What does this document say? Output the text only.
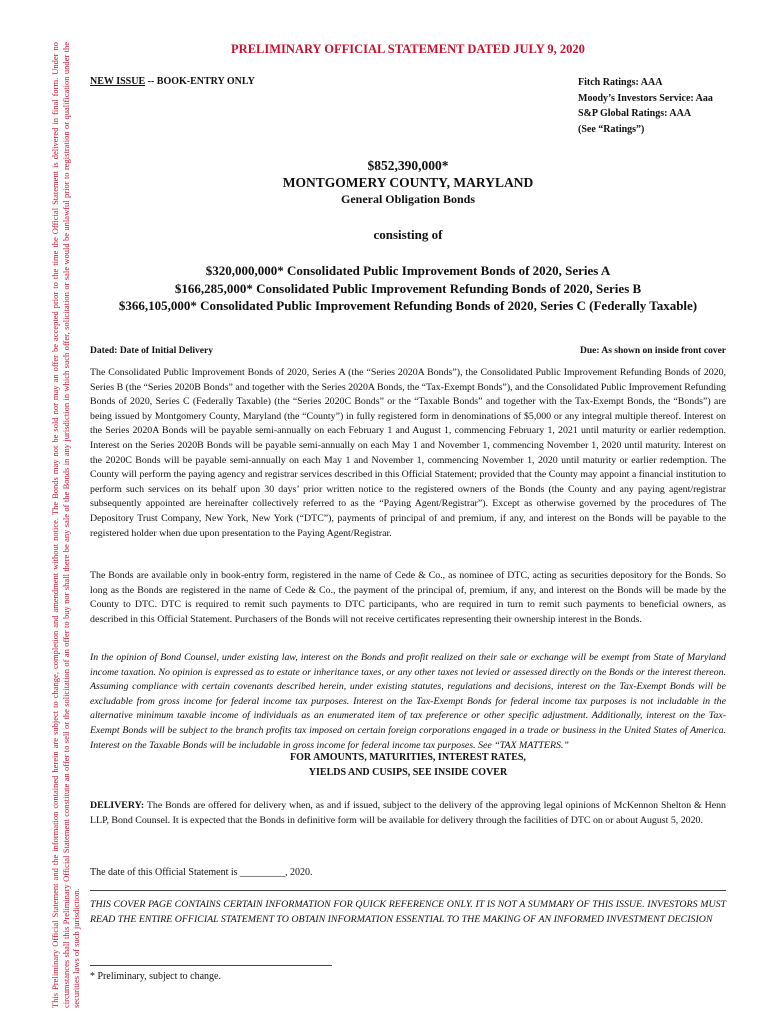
This Preliminary Official Statement and the information contained herein are subject to change, completion and amendment without notice. The Bonds may not be sold nor may an offer be accepted prior to the time the Official Statement is delivered in final form. Under no circumstances shall this Preliminary Official Statement constitute an offer to sell or the solicitation of an offer to buy nor shall there be any sale of the Bonds in any jurisdiction in which such offer, solicitation or sale would be unlawful prior to registration or qualification under the securities laws of such jurisdiction.
PRELIMINARY OFFICIAL STATEMENT DATED JULY 9, 2020
NEW ISSUE -- BOOK-ENTRY ONLY	Fitch Ratings: AAA
Moody’s Investors Service: Aaa
S&P Global Ratings: AAA
(See “Ratings”)
$852,390,000*
MONTGOMERY COUNTY, MARYLAND
General Obligation Bonds
consisting of
$320,000,000* Consolidated Public Improvement Bonds of 2020, Series A
$166,285,000* Consolidated Public Improvement Refunding Bonds of 2020, Series B
$366,105,000* Consolidated Public Improvement Refunding Bonds of 2020, Series C (Federally Taxable)
Dated: Date of Initial Delivery	Due: As shown on inside front cover

The Consolidated Public Improvement Bonds of 2020, Series A (the “Series 2020A Bonds”), the Consolidated Public Improvement Refunding Bonds of 2020, Series B (the “Series 2020B Bonds” and together with the Series 2020A Bonds, the “Tax-Exempt Bonds”), and the Consolidated Public Improvement Refunding Bonds of 2020, Series C (Federally Taxable) (the “Series 2020C Bonds” or the “Taxable Bonds” and together with the Tax-Exempt Bonds, the “Bonds”) are being issued by Montgomery County, Maryland (the “County”) in fully registered form in denominations of $5,000 or any integral multiple thereof. Interest on the Series 2020A Bonds will be payable semi-annually on each February 1 and August 1, commencing February 1, 2021 until maturity or earlier redemption. Interest on the Series 2020B Bonds will be payable semi-annually on each May 1 and November 1, commencing November 1, 2020 until maturity. Interest on the 2020C Bonds will be payable semi-annually on each May 1 and November 1, commencing November 1, 2020 until maturity or earlier redemption. The County will perform the paying agency and registrar services described in this Official Statement; provided that the County may appoint a financial institution to perform such services on its behalf upon 30 days’ prior written notice to the registered owners of the Bonds (the County and any paying agent/registrar subsequently appointed are hereinafter collectively referred to as the “Paying Agent/Registrar”). Except as otherwise governed by the procedures of The Depository Trust Company, New York, New York (“DTC”), payments of principal of and premium, if any, and interest on the Bonds will be payable to the registered holder when due upon presentation to the Paying Agent/Registrar.

The Bonds are available only in book-entry form, registered in the name of Cede & Co., as nominee of DTC, acting as securities depository for the Bonds. So long as the Bonds are registered in the name of Cede & Co., the payment of the principal of, premium, if any, and interest on the Bonds will be made by the County to DTC. DTC is required to remit such payments to DTC participants, who are required in turn to remit such payments to beneficial owners, as described in this Official Statement. Purchasers of the Bonds will not receive certificates representing their ownership interest in the Bonds.

In the opinion of Bond Counsel, under existing law, interest on the Bonds and profit realized on their sale or exchange will be exempt from State of Maryland income taxation. No opinion is expressed as to estate or inheritance taxes, or any other taxes not levied or assessed directly on the Bonds or the interest thereon. Assuming compliance with certain covenants described herein, under existing statutes, regulations and decisions, interest on the Tax-Exempt Bonds will be excludable from gross income for federal income tax purposes. Interest on the Tax-Exempt Bonds for federal income tax purposes is not includable in the alternative minimum taxable income of individuals as an enumerated item of tax preference or other specific adjustment. Additionally, interest on the Tax-Exempt Bonds will be subject to the branch profits tax imposed on certain foreign corporations engaged in a trade or business in the United States of America. Interest on the Taxable Bonds will be includable in gross income for federal income tax purposes. See “TAX MATTERS.”

FOR AMOUNTS, MATURITIES, INTEREST RATES,
YIELDS AND CUSIPS, SEE INSIDE COVER

DELIVERY: The Bonds are offered for delivery when, as and if issued, subject to the delivery of the approving legal opinions of McKennon Shelton & Henn LLP, Bond Counsel. It is expected that the Bonds in definitive form will be available for delivery through the facilities of DTC on or about August 5, 2020.

The date of this Official Statement is _________, 2020.

THIS COVER PAGE CONTAINS CERTAIN INFORMATION FOR QUICK REFERENCE ONLY. IT IS NOT A SUMMARY OF THIS ISSUE. INVESTORS MUST READ THE ENTIRE OFFICIAL STATEMENT TO OBTAIN INFORMATION ESSENTIAL TO THE MAKING OF AN INFORMED INVESTMENT DECISION

* Preliminary, subject to change.
